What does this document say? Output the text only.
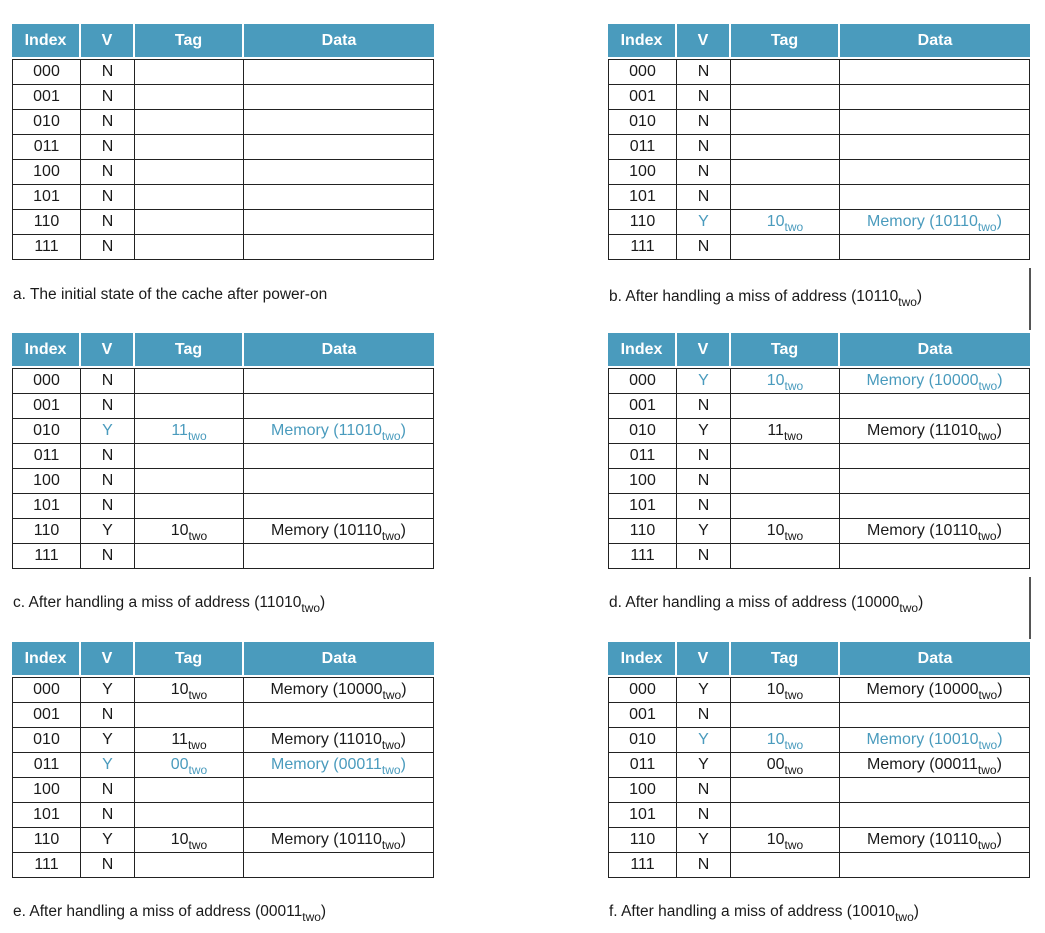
Index	V	Tag	Data
000	N		
001	N		
010	N		
011	N		
100	N		
101	N		
110	N		
111	N		
a. The initial state of the cache after power-on
Index	V	Tag	Data
000	N		
001	N		
010	N		
011	N		
100	N		
101	N		
110	Y	$10_{two}$	Memory $(10110_{two})$
111	N		
b. After handling a miss of address $(10110_{two})$
Index	V	Tag	Data
000	N		
001	N		
010	Y	$11_{two}$	Memory $(11010_{two})$
011	N		
100	N		
101	N		
110	Y	$10_{two}$	Memory $(10110_{two})$
111	N		
c. After handling a miss of address $(11010_{two})$
Index	V	Tag	Data
000	Y	$10_{two}$	Memory $(10000_{two})$
001	N		
010	Y	$11_{two}$	Memory $(11010_{two})$
011	N		
100	N		
101	N		
110	Y	$10_{two}$	Memory $(10110_{two})$
111	N		
d. After handling a miss of address $(10000_{two})$
Index	V	Tag	Data
000	Y	$10_{two}$	Memory $(10000_{two})$
001	N		
010	Y	$11_{two}$	Memory $(11010_{two})$
011	Y	$00_{two}$	Memory $(00011_{two})$
100	N		
101	N		
110	Y	$10_{two}$	Memory $(10110_{two})$
111	N		
e. After handling a miss of address $(00011_{two})$
Index	V	Tag	Data
000	Y	$10_{two}$	Memory $(10000_{two})$
001	N		
010	Y	$10_{two}$	Memory $(10010_{two})$
011	Y	$00_{two}$	Memory $(00011_{two})$
100	N		
101	N		
110	Y	$10_{two}$	Memory $(10110_{two})$
111	N		
f. After handling a miss of address $(10010_{two})$
